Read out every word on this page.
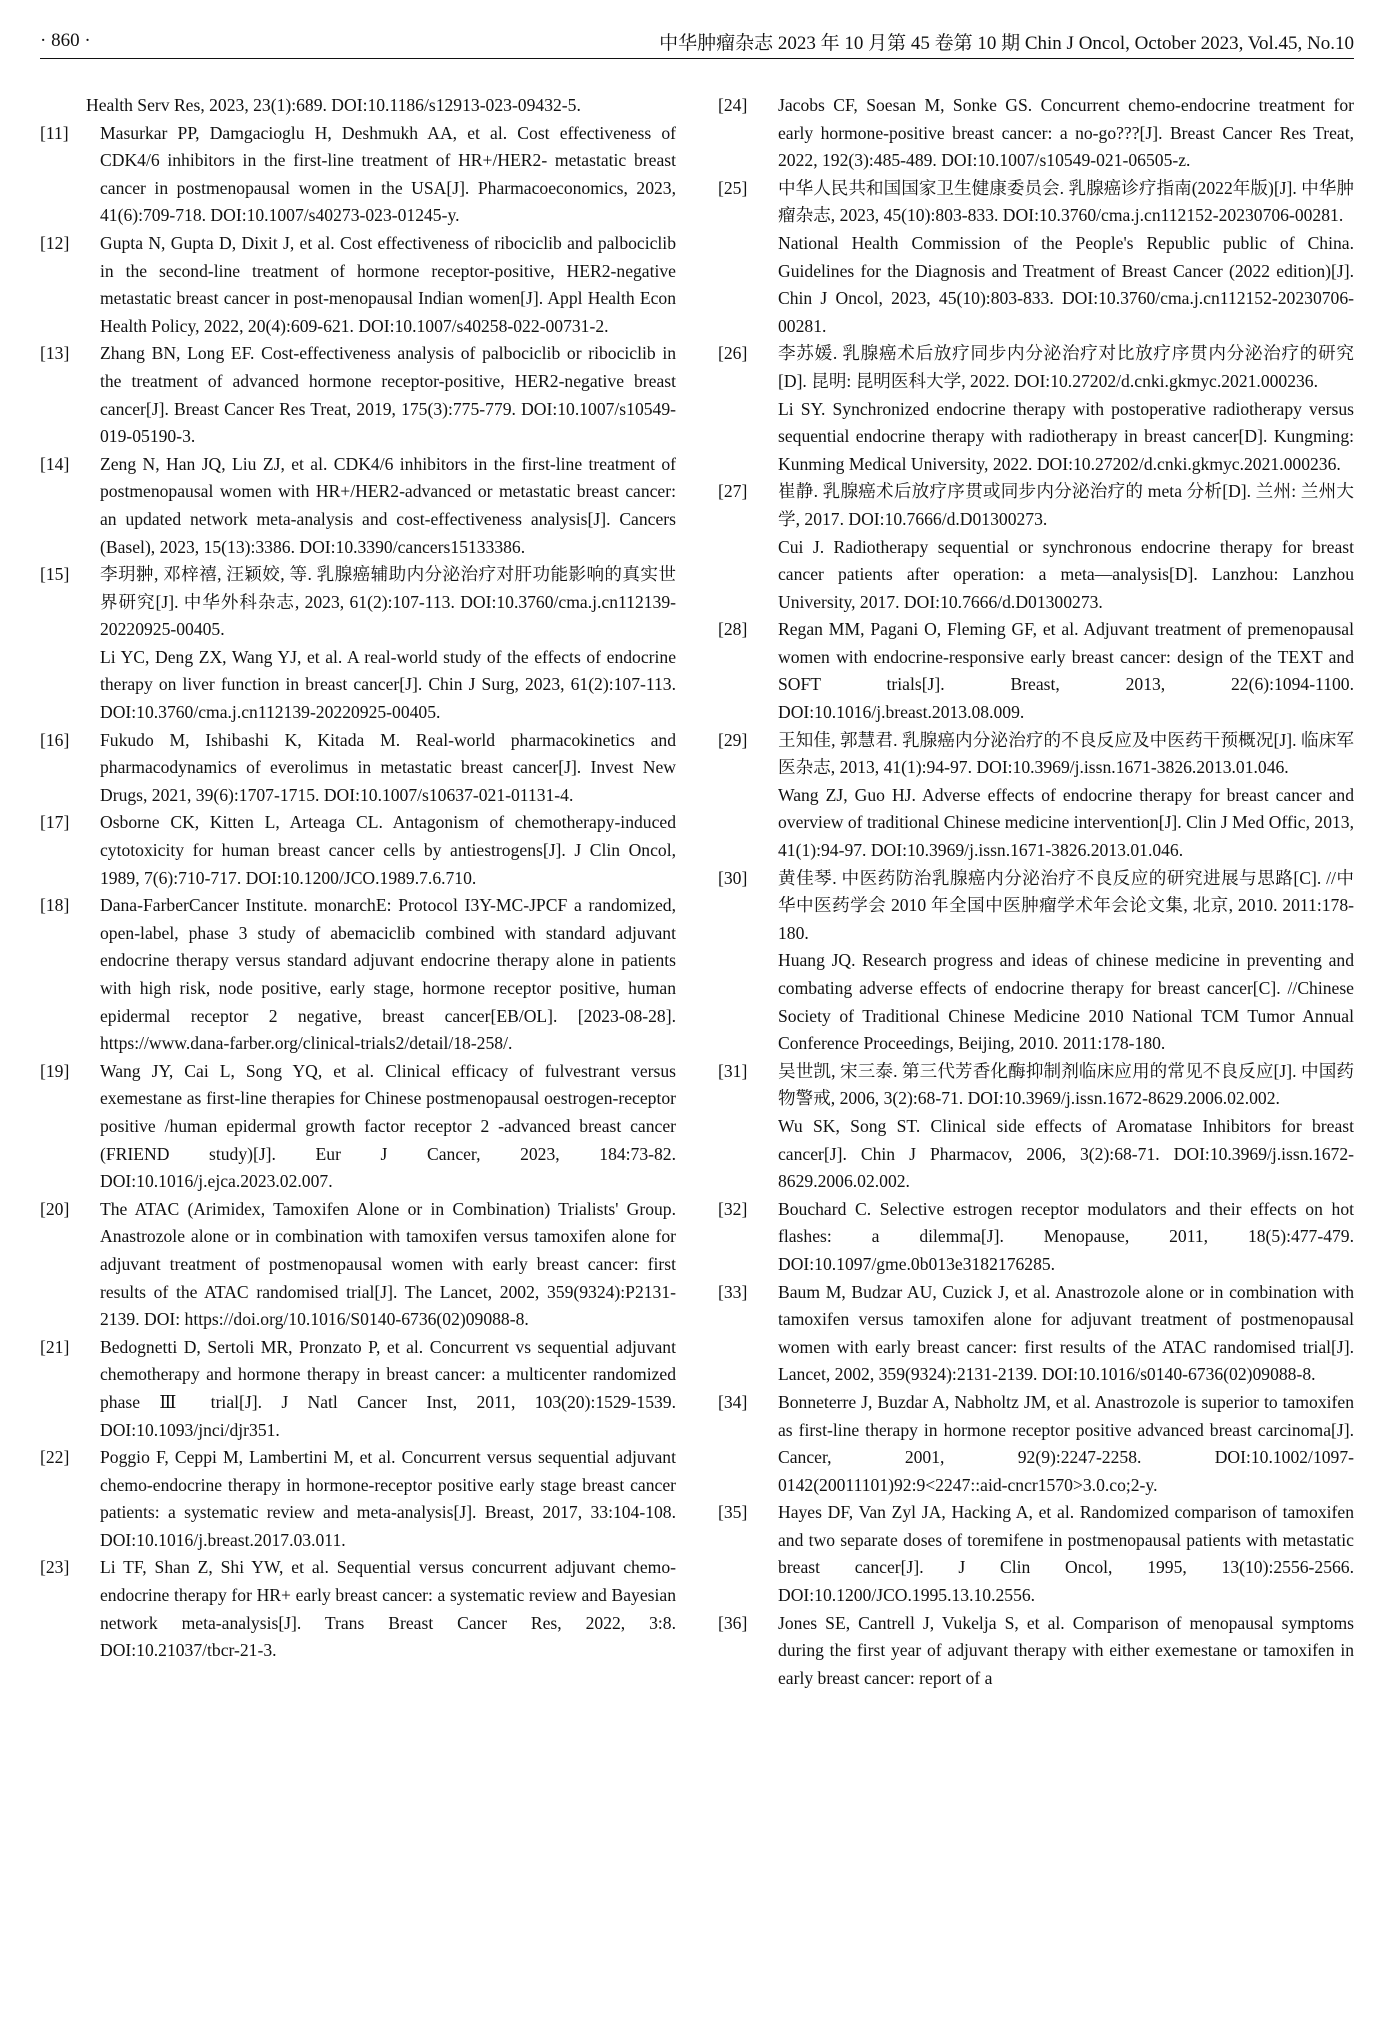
· 860 ·	中华肿瘤杂志 2023 年 10 月第 45 卷第 10 期 Chin J Oncol, October 2023, Vol.45, No.10
Health Serv Res, 2023, 23(1):689. DOI:10.1186/s12913-023-09432-5.
[11]	Masurkar PP, Damgacioglu H, Deshmukh AA, et al. Cost effectiveness of CDK4/6 inhibitors in the first-line treatment of HR+/HER2- metastatic breast cancer in postmenopausal women in the USA[J]. Pharmacoeconomics, 2023, 41(6):709-718. DOI:10.1007/s40273-023-01245-y.
[12]	Gupta N, Gupta D, Dixit J, et al. Cost effectiveness of ribociclib and palbociclib in the second-line treatment of hormone receptor-positive, HER2-negative metastatic breast cancer in post-menopausal Indian women[J]. Appl Health Econ Health Policy, 2022, 20(4):609-621. DOI:10.1007/s40258-022-00731-2.
[13]	Zhang BN, Long EF. Cost-effectiveness analysis of palbociclib or ribociclib in the treatment of advanced hormone receptor-positive, HER2-negative breast cancer[J]. Breast Cancer Res Treat, 2019, 175(3):775-779. DOI:10.1007/s10549-019-05190-3.
[14]	Zeng N, Han JQ, Liu ZJ, et al. CDK4/6 inhibitors in the first-line treatment of postmenopausal women with HR+/HER2-advanced or metastatic breast cancer: an updated network meta-analysis and cost-effectiveness analysis[J]. Cancers (Basel), 2023, 15(13):3386. DOI:10.3390/cancers15133386.
[15]	李玥翀, 邓梓禧, 汪颖姣, 等. 乳腺癌辅助内分泌治疗对肝功能影响的真实世界研究[J]. 中华外科杂志, 2023, 61(2):107-113. DOI:10.3760/cma.j.cn112139-20220925-00405.
Li YC, Deng ZX, Wang YJ, et al. A real-world study of the effects of endocrine therapy on liver function in breast cancer[J]. Chin J Surg, 2023, 61(2):107-113. DOI:10.3760/cma.j.cn112139-20220925-00405.
[16]	Fukudo M, Ishibashi K, Kitada M. Real-world pharmacokinetics and pharmacodynamics of everolimus in metastatic breast cancer[J]. Invest New Drugs, 2021, 39(6):1707-1715. DOI:10.1007/s10637-021-01131-4.
[17]	Osborne CK, Kitten L, Arteaga CL. Antagonism of chemotherapy-induced cytotoxicity for human breast cancer cells by antiestrogens[J]. J Clin Oncol, 1989, 7(6):710-717. DOI:10.1200/JCO.1989.7.6.710.
[18]	Dana-FarberCancer Institute. monarchE: Protocol I3Y-MC-JPCF a randomized, open-label, phase 3 study of abemaciclib combined with standard adjuvant endocrine therapy versus standard adjuvant endocrine therapy alone in patients with high risk, node positive, early stage, hormone receptor positive, human epidermal receptor 2 negative, breast cancer[EB/OL]. [2023-08-28]. https://www.dana-farber.org/clinical-trials2/detail/18-258/.
[19]	Wang JY, Cai L, Song YQ, et al. Clinical efficacy of fulvestrant versus exemestane as first-line therapies for Chinese postmenopausal oestrogen-receptor positive /human epidermal growth factor receptor 2 -advanced breast cancer (FRIEND study)[J]. Eur J Cancer, 2023, 184:73-82. DOI:10.1016/j.ejca.2023.02.007.
[20]	The ATAC (Arimidex, Tamoxifen Alone or in Combination) Trialists' Group. Anastrozole alone or in combination with tamoxifen versus tamoxifen alone for adjuvant treatment of postmenopausal women with early breast cancer: first results of the ATAC randomised trial[J]. The Lancet, 2002, 359(9324):P2131-2139. DOI: https://doi.org/10.1016/S0140-6736(02)09088-8.
[21]	Bedognetti D, Sertoli MR, Pronzato P, et al. Concurrent vs sequential adjuvant chemotherapy and hormone therapy in breast cancer: a multicenter randomized phase Ⅲ trial[J]. J Natl Cancer Inst, 2011, 103(20):1529-1539. DOI:10.1093/jnci/djr351.
[22]	Poggio F, Ceppi M, Lambertini M, et al. Concurrent versus sequential adjuvant chemo-endocrine therapy in hormone-receptor positive early stage breast cancer patients: a systematic review and meta-analysis[J]. Breast, 2017, 33:104-108. DOI:10.1016/j.breast.2017.03.011.
[23]	Li TF, Shan Z, Shi YW, et al. Sequential versus concurrent adjuvant chemo-endocrine therapy for HR+ early breast cancer: a systematic review and Bayesian network meta-analysis[J]. Trans Breast Cancer Res, 2022, 3:8. DOI:10.21037/tbcr-21-3.
[24]	Jacobs CF, Soesan M, Sonke GS. Concurrent chemo-endocrine treatment for early hormone-positive breast cancer: a no-go???[J]. Breast Cancer Res Treat, 2022, 192(3):485-489. DOI:10.1007/s10549-021-06505-z.
[25]	中华人民共和国国家卫生健康委员会. 乳腺癌诊疗指南(2022年版)[J]. 中华肿瘤杂志, 2023, 45(10):803-833. DOI:10.3760/cma.j.cn112152-20230706-00281.
National Health Commission of the People's Republic public of China. Guidelines for the Diagnosis and Treatment of Breast Cancer (2022 edition)[J]. Chin J Oncol, 2023, 45(10):803-833. DOI:10.3760/cma.j.cn112152-20230706-00281.
[26]	李苏媛. 乳腺癌术后放疗同步内分泌治疗对比放疗序贯内分泌治疗的研究[D]. 昆明: 昆明医科大学, 2022. DOI:10.27202/d.cnki.gkmyc.2021.000236.
Li SY. Synchronized endocrine therapy with postoperative radiotherapy versus sequential endocrine therapy with radiotherapy in breast cancer[D]. Kungming: Kunming Medical University, 2022. DOI:10.27202/d.cnki.gkmyc.2021.000236.
[27]	崔静. 乳腺癌术后放疗序贯或同步内分泌治疗的 meta 分析[D]. 兰州: 兰州大学, 2017. DOI:10.7666/d.D01300273.
Cui J. Radiotherapy sequential or synchronous endocrine therapy for breast cancer patients after operation: a meta—analysis[D]. Lanzhou: Lanzhou University, 2017. DOI:10.7666/d.D01300273.
[28]	Regan MM, Pagani O, Fleming GF, et al. Adjuvant treatment of premenopausal women with endocrine-responsive early breast cancer: design of the TEXT and SOFT trials[J]. Breast, 2013, 22(6):1094-1100. DOI:10.1016/j.breast.2013.08.009.
[29]	王知佳, 郭慧君. 乳腺癌内分泌治疗的不良反应及中医药干预概况[J]. 临床军医杂志, 2013, 41(1):94-97. DOI:10.3969/j.issn.1671-3826.2013.01.046.
Wang ZJ, Guo HJ. Adverse effects of endocrine therapy for breast cancer and overview of traditional Chinese medicine intervention[J]. Clin J Med Offic, 2013, 41(1):94-97. DOI:10.3969/j.issn.1671-3826.2013.01.046.
[30]	黄佳琴. 中医药防治乳腺癌内分泌治疗不良反应的研究进展与思路[C]. //中华中医药学会 2010 年全国中医肿瘤学术年会论文集, 北京, 2010. 2011:178-180.
Huang JQ. Research progress and ideas of chinese medicine in preventing and combating adverse effects of endocrine therapy for breast cancer[C]. //Chinese Society of Traditional Chinese Medicine 2010 National TCM Tumor Annual Conference Proceedings, Beijing, 2010. 2011:178-180.
[31]	吴世凯, 宋三泰. 第三代芳香化酶抑制剂临床应用的常见不良反应[J]. 中国药物警戒, 2006, 3(2):68-71. DOI:10.3969/j.issn.1672-8629.2006.02.002.
Wu SK, Song ST. Clinical side effects of Aromatase Inhibitors for breast cancer[J]. Chin J Pharmacov, 2006, 3(2):68-71. DOI:10.3969/j.issn.1672-8629.2006.02.002.
[32]	Bouchard C. Selective estrogen receptor modulators and their effects on hot flashes: a dilemma[J]. Menopause, 2011, 18(5):477-479. DOI:10.1097/gme.0b013e3182176285.
[33]	Baum M, Budzar AU, Cuzick J, et al. Anastrozole alone or in combination with tamoxifen versus tamoxifen alone for adjuvant treatment of postmenopausal women with early breast cancer: first results of the ATAC randomised trial[J]. Lancet, 2002, 359(9324):2131-2139. DOI:10.1016/s0140-6736(02)09088-8.
[34]	Bonneterre J, Buzdar A, Nabholtz JM, et al. Anastrozole is superior to tamoxifen as first-line therapy in hormone receptor positive advanced breast carcinoma[J]. Cancer, 2001, 92(9):2247-2258. DOI:10.1002/1097-0142(20011101)92:9<2247::aid-cncr1570>3.0.co;2-y.
[35]	Hayes DF, Van Zyl JA, Hacking A, et al. Randomized comparison of tamoxifen and two separate doses of toremifene in postmenopausal patients with metastatic breast cancer[J]. J Clin Oncol, 1995, 13(10):2556-2566. DOI:10.1200/JCO.1995.13.10.2556.
[36]	Jones SE, Cantrell J, Vukelja S, et al. Comparison of menopausal symptoms during the first year of adjuvant therapy with either exemestane or tamoxifen in early breast cancer: report of a
